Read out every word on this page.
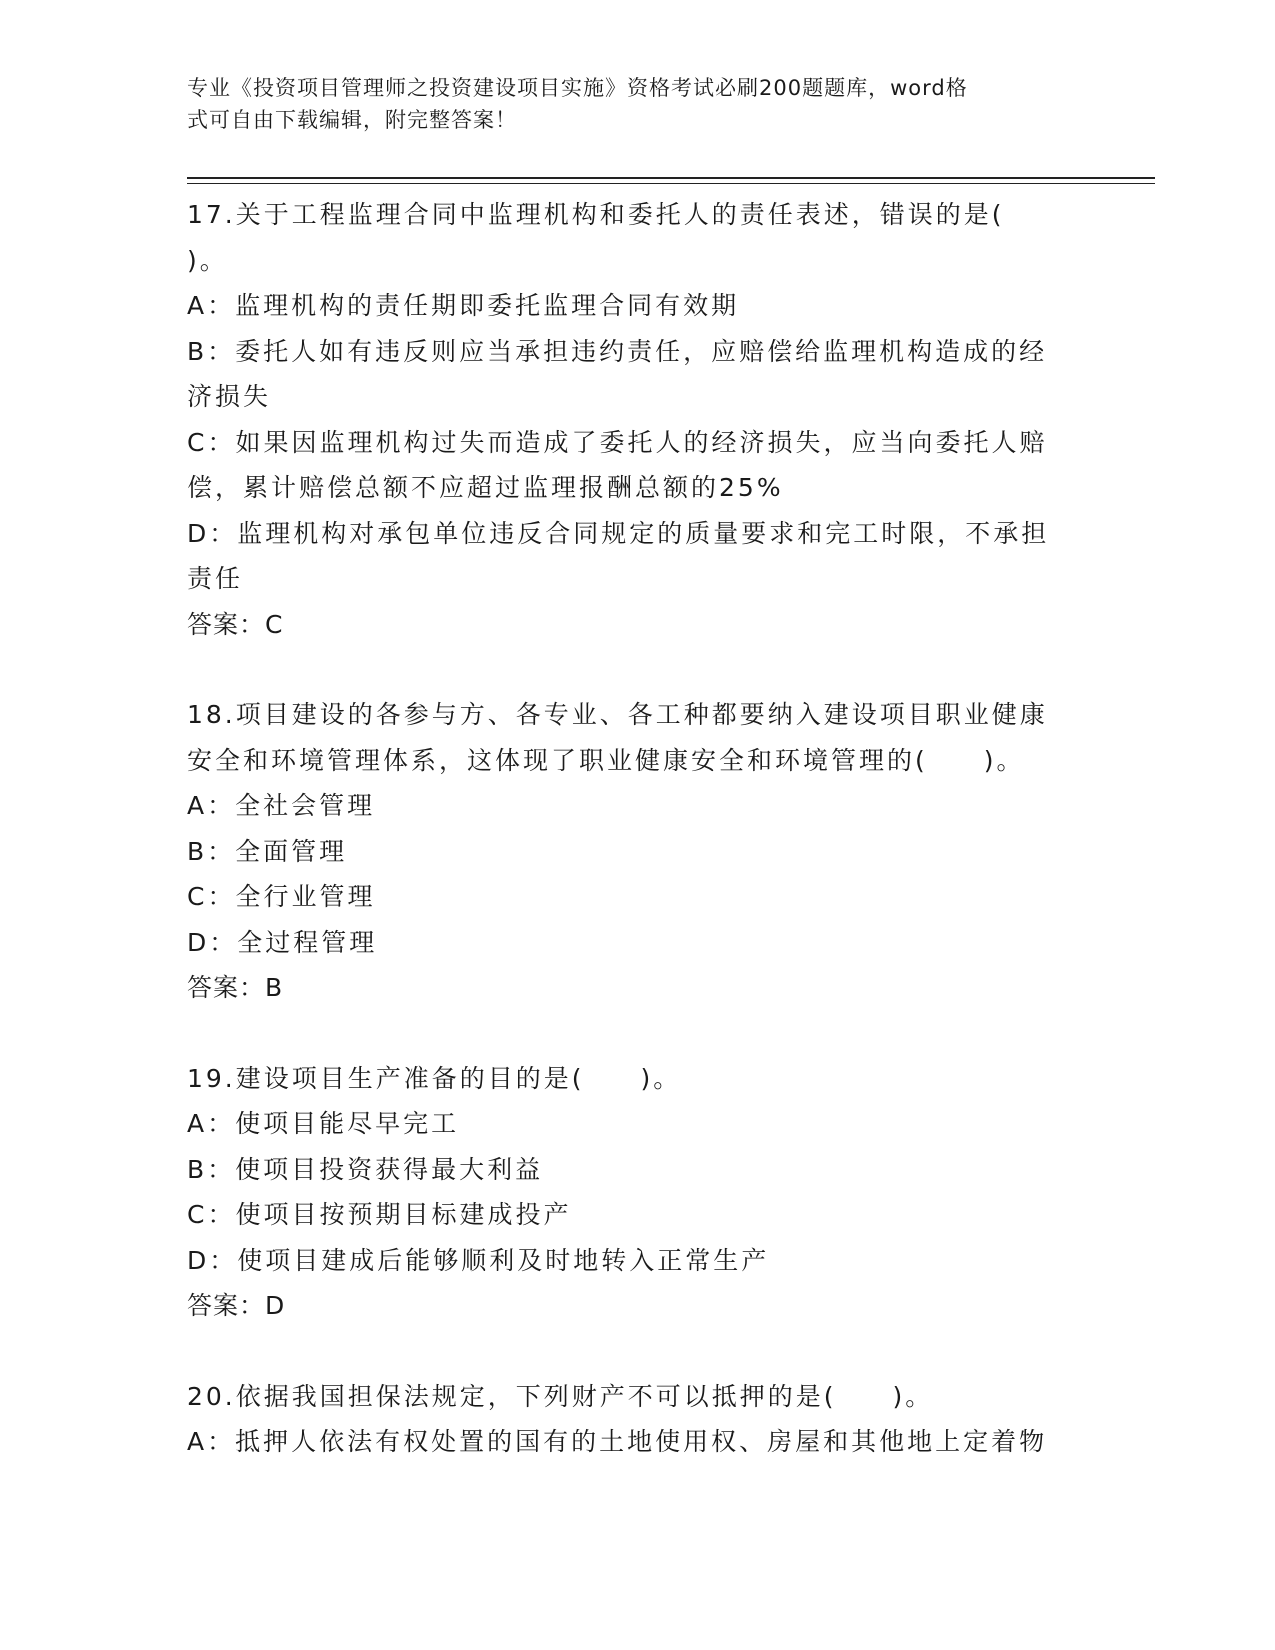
专业《投资项目管理师之投资建设项目实施》资格考试必刷200题题库，word格
式可自由下载编辑，附完整答案！
17.关于工程监理合同中监理机构和委托人的责任表述，错误的是(
)。
A：监理机构的责任期即委托监理合同有效期
B：委托人如有违反则应当承担违约责任，应赔偿给监理机构造成的经
济损失
C：如果因监理机构过失而造成了委托人的经济损失，应当向委托人赔
偿，累计赔偿总额不应超过监理报酬总额的25%
D：监理机构对承包单位违反合同规定的质量要求和完工时限，不承担
责任
答案：C
18.项目建设的各参与方、各专业、各工种都要纳入建设项目职业健康
安全和环境管理体系，这体现了职业健康安全和环境管理的(　　)。
A：全社会管理
B：全面管理
C：全行业管理
D：全过程管理
答案：B
19.建设项目生产准备的目的是(　　)。
A：使项目能尽早完工
B：使项目投资获得最大利益
C：使项目按预期目标建成投产
D：使项目建成后能够顺利及时地转入正常生产
答案：D
20.依据我国担保法规定，下列财产不可以抵押的是(　　)。
A：抵押人依法有权处置的国有的土地使用权、房屋和其他地上定着物
